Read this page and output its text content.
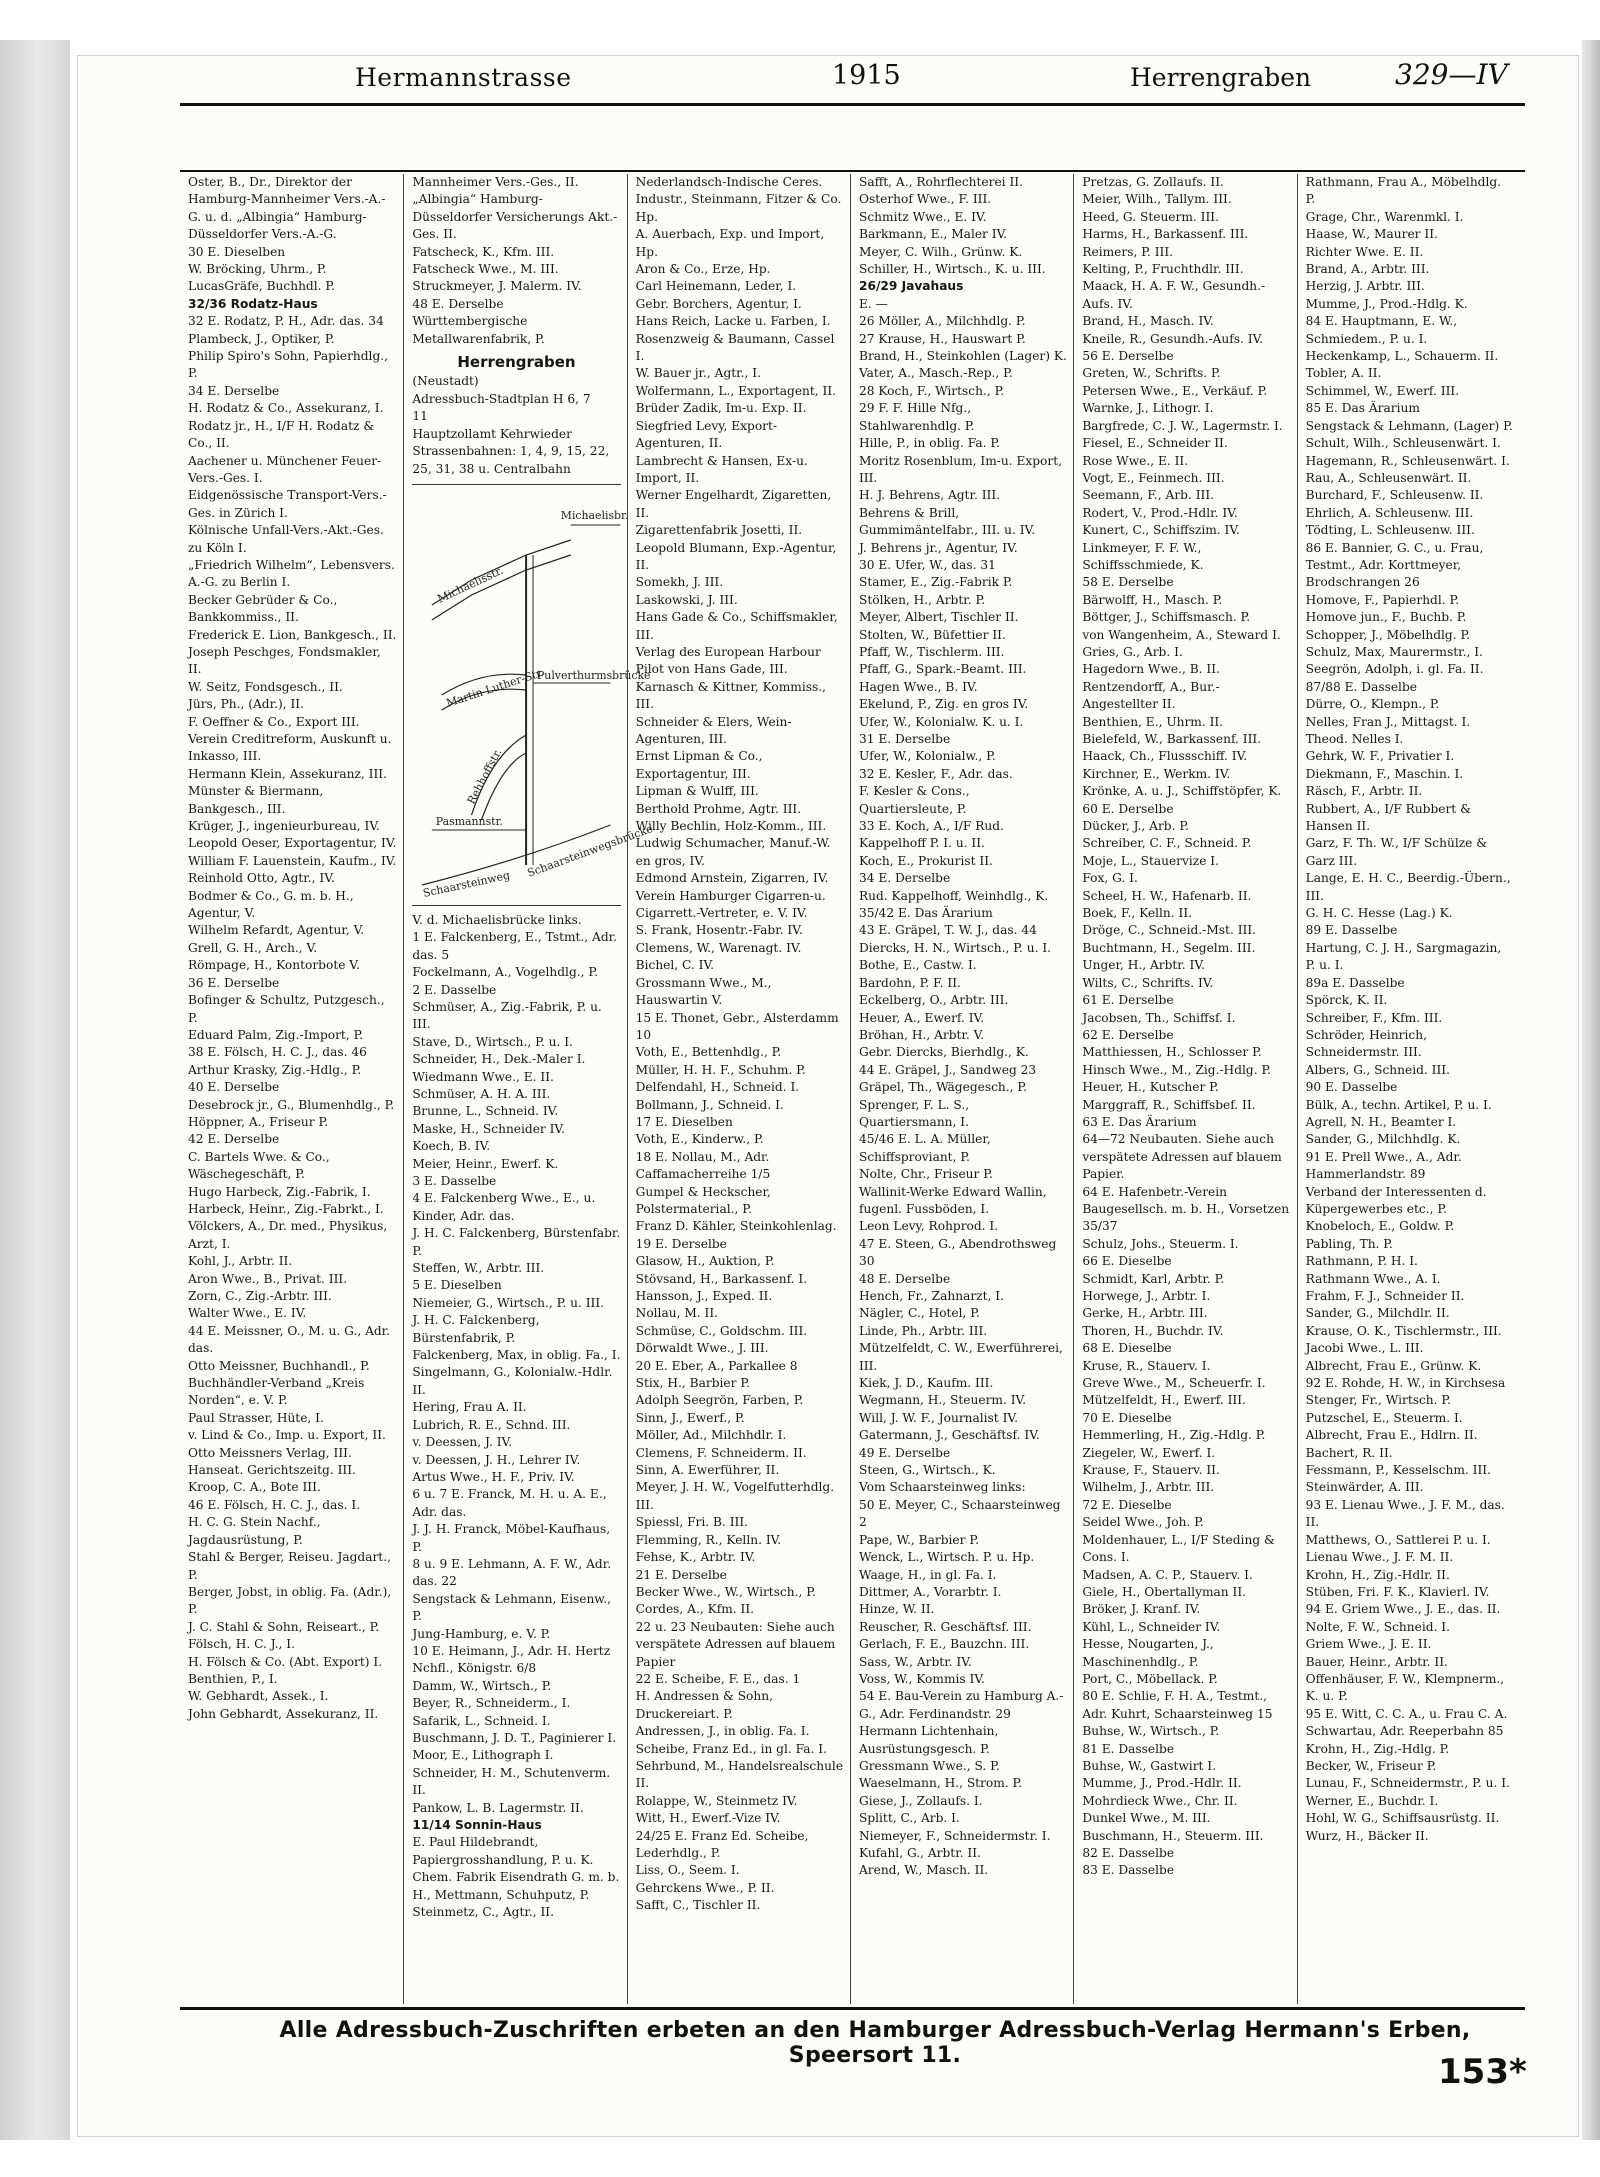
Hermannstrasse	1915	Herrengraben	329—IV
Oster, B., Dr., Direktor der Hamburg-Mannheimer Vers.-A.-G. u. d. „Albingia“ Hamburg-Düsseldorfer Vers.-A.-G.
30 E. Dieselben
W. Bröcking, Uhrm., P.
LucasGräfe, Buchhdl. P.
32/36 Rodatz-Haus
32 E. Rodatz, P. H., Adr. das. 34
Plambeck, J., Optiker, P.
Philip Spiro's Sohn, Papierhdlg., P.
34 E. Derselbe
H. Rodatz & Co., Assekuranz, I.
Rodatz jr., H., I/F H. Rodatz & Co., II.
Aachener u. Münchener Feuer-Vers.-Ges. I.
Eidgenössische Transport-Vers.-Ges. in Zürich I.
Kölnische Unfall-Vers.-Akt.-Ges. zu Köln I.
„Friedrich Wilhelm“, Lebensvers. A.-G. zu Berlin I.
Becker Gebrüder & Co., Bankkommiss., II.
Frederick E. Lion, Bankgesch., II.
Joseph Peschges, Fondsmakler, II.
W. Seitz, Fondsgesch., II.
Jürs, Ph., (Adr.), II.
F. Oeffner & Co., Export III.
Verein Creditreform, Auskunft u. Inkasso, III.
Hermann Klein, Assekuranz, III.
Münster & Biermann, Bankgesch., III.
Krüger, J., ingenieurbureau, IV.
Leopold Oeser, Exportagentur, IV.
William F. Lauenstein, Kaufm., IV.
Reinhold Otto, Agtr., IV.
Bodmer & Co., G. m. b. H., Agentur, V.
Wilhelm Refardt, Agentur, V.
Grell, G. H., Arch., V.
Römpage, H., Kontorbote V.
36 E. Derselbe
Bofinger & Schultz, Putzgesch., P.
Eduard Palm, Zig.-Import, P.
38 E. Fölsch, H. C. J., das. 46
Arthur Krasky, Zig.-Hdlg., P.
40 E. Derselbe
Desebrock jr., G., Blumenhdlg., P.
Höppner, A., Friseur P.
42 E. Derselbe
C. Bartels Wwe. & Co., Wäschegeschäft, P.
Hugo Harbeck, Zig.-Fabrik, I.
Harbeck, Heinr., Zig.-Fabrkt., I.
Völckers, A., Dr. med., Physikus, Arzt, I.
Kohl, J., Arbtr. II.
Aron Wwe., B., Privat. III.
Zorn, C., Zig.-Arbtr. III.
Walter Wwe., E. IV.
44 E. Meissner, O., M. u. G., Adr. das.
Otto Meissner, Buchhandl., P.
Buchhändler-Verband „Kreis Norden“, e. V. P.
Paul Strasser, Hüte, I.
v. Lind & Co., Imp. u. Export, II.
Otto Meissners Verlag, III.
Hanseat. Gerichtszeitg. III.
Kroop, C. A., Bote III.
46 E. Fölsch, H. C. J., das. I.
H. C. G. Stein Nachf., Jagdausrüstung, P.
Stahl & Berger, Reiseu. Jagdart., P.
Berger, Jobst, in oblig. Fa. (Adr.), P.
J. C. Stahl & Sohn, Reiseart., P.
Fölsch, H. C. J., I.
H. Fölsch & Co. (Abt. Export) I.
Benthien, P., I.
W. Gebhardt, Assek., I.
John Gebhardt, Assekuranz, II.
Mannheimer Vers.-Ges., II.
„Albingia“ Hamburg-Düsseldorfer Versicherungs Akt.-Ges. II.
Fatscheck, K., Kfm. III.
Fatscheck Wwe., M. III.
Struckmeyer, J. Malerm. IV.
48 E. Derselbe
Württembergische Metallwarenfabrik, P.
Herrengraben
(Neustadt)
Adressbuch-Stadtplan H 6, 7
11
Hauptzollamt Kehrwieder
Strassenbahnen: 1, 4, 9, 15, 22, 25, 31, 38 u. Centralbahn
Michaelisbr.
Michaelisstr.
Martin Luther-Str.
Pulverthurmsbrücke
Rehhoffstr.
Pasmannstr.
Schaarsteinweg
Schaarsteinwegsbrücke
V. d. Michaelisbrücke links.
1 E. Falckenberg, E., Tstmt., Adr. das. 5
Fockelmann, A., Vogelhdlg., P.
2 E. Dasselbe
Schmüser, A., Zig.-Fabrik, P. u. III.
Stave, D., Wirtsch., P. u. I.
Schneider, H., Dek.-Maler I.
Wiedmann Wwe., E. II.
Schmüser, A. H. A. III.
Brunne, L., Schneid. IV.
Maske, H., Schneider IV.
Koech, B. IV.
Meier, Heinr., Ewerf. K.
3 E. Dasselbe
4 E. Falckenberg Wwe., E., u. Kinder, Adr. das.
J. H. C. Falckenberg, Bürstenfabr. P.
Steffen, W., Arbtr. III.
5 E. Dieselben
Niemeier, G., Wirtsch., P. u. III.
J. H. C. Falckenberg, Bürstenfabrik, P.
Falckenberg, Max, in oblig. Fa., I.
Singelmann, G., Kolonialw.-Hdlr. II.
Hering, Frau A. II.
Lubrich, R. E., Schnd. III.
v. Deessen, J. IV.
v. Deessen, J. H., Lehrer IV.
Artus Wwe., H. F., Priv. IV.
6 u. 7 E. Franck, M. H. u. A. E., Adr. das.
J. J. H. Franck, Möbel-Kaufhaus, P.
8 u. 9 E. Lehmann, A. F. W., Adr. das. 22
Sengstack & Lehmann, Eisenw., P.
Jung-Hamburg, e. V. P.
10 E. Heimann, J., Adr. H. Hertz Nchfl., Königstr. 6/8
Damm, W., Wirtsch., P.
Beyer, R., Schneiderm., I.
Safarik, L., Schneid. I.
Buschmann, J. D. T., Paginierer I.
Moor, E., Lithograph I.
Schneider, H. M., Schutenverm. II.
Pankow, L. B. Lagermstr. II.
11/14 Sonnin-Haus
E. Paul Hildebrandt, Papiergrosshandlung, P. u. K.
Chem. Fabrik Eisendrath G. m. b. H., Mettmann, Schuhputz, P.
Steinmetz, C., Agtr., II.
Nederlandsch-Indische Ceres. Industr., Steinmann, Fitzer & Co. Hp.
A. Auerbach, Exp. und Import, Hp.
Aron & Co., Erze, Hp.
Carl Heinemann, Leder, I.
Gebr. Borchers, Agentur, I.
Hans Reich, Lacke u. Farben, I.
Rosenzweig & Baumann, Cassel I.
W. Bauer jr., Agtr., I.
Wolfermann, L., Exportagent, II.
Brüder Zadik, Im-u. Exp. II.
Siegfried Levy, Export-Agenturen, II.
Lambrecht & Hansen, Ex-u. Import, II.
Werner Engelhardt, Zigaretten, II.
Zigarettenfabrik Josetti, II.
Leopold Blumann, Exp.-Agentur, II.
Somekh, J. III.
Laskowski, J. III.
Hans Gade & Co., Schiffsmakler, III.
Verlag des European Harbour Pilot von Hans Gade, III.
Karnasch & Kittner, Kommiss., III.
Schneider & Elers, Wein-Agenturen, III.
Ernst Lipman & Co., Exportagentur, III.
Lipman & Wulff, III.
Berthold Prohme, Agtr. III.
Willy Bechlin, Holz-Komm., III.
Ludwig Schumacher, Manuf.-W. en gros, IV.
Edmond Arnstein, Zigarren, IV.
Verein Hamburger Cigarren-u. Cigarrett.-Vertreter, e. V. IV.
S. Frank, Hosentr.-Fabr. IV.
Clemens, W., Warenagt. IV.
Bichel, C. IV.
Grossmann Wwe., M., Hauswartin V.
15 E. Thonet, Gebr., Alsterdamm 10
Voth, E., Bettenhdlg., P.
Müller, H. H. F., Schuhm. P.
Delfendahl, H., Schneid. I.
Bollmann, J., Schneid. I.
17 E. Dieselben
Voth, E., Kinderw., P.
18 E. Nollau, M., Adr. Caffamacherreihe 1/5
Gumpel & Heckscher, Polstermaterial., P.
Franz D. Kähler, Steinkohlenlag.
19 E. Derselbe
Glasow, H., Auktion, P.
Stövsand, H., Barkassenf. I.
Hansson, J., Exped. II.
Nollau, M. II.
Schmüse, C., Goldschm. III.
Dörwaldt Wwe., J. III.
20 E. Eber, A., Parkallee 8
Stix, H., Barbier P.
Adolph Seegrön, Farben, P.
Sinn, J., Ewerf., P.
Möller, Ad., Milchhdlr. I.
Clemens, F. Schneiderm. II.
Sinn, A. Ewerführer, II.
Meyer, J. H. W., Vogelfutterhdlg. III.
Spiessl, Fri. B. III.
Flemming, R., Kelln. IV.
Fehse, K., Arbtr. IV.
21 E. Derselbe
Becker Wwe., W., Wirtsch., P.
Cordes, A., Kfm. II.
22 u. 23 Neubauten: Siehe auch verspätete Adressen auf blauem Papier
22 E. Scheibe, F. E., das. 1
H. Andressen & Sohn, Druckereiart. P.
Andressen, J., in oblig. Fa. I.
Scheibe, Franz Ed., in gl. Fa. I.
Sehrbund, M., Handelsrealschule II.
Rolappe, W., Steinmetz IV.
Witt, H., Ewerf.-Vize IV.
24/25 E. Franz Ed. Scheibe, Lederhdlg., P.
Liss, O., Seem. I.
Gehrckens Wwe., P. II.
Safft, C., Tischler II.
Safft, A., Rohrflechterei II.
Osterhof Wwe., F. III.
Schmitz Wwe., E. IV.
Barkmann, E., Maler IV.
Meyer, C. Wilh., Grünw. K.
Schiller, H., Wirtsch., K. u. III.
26/29 Javahaus
E. —
26 Möller, A., Milchhdlg. P.
27 Krause, H., Hauswart P.
Brand, H., Steinkohlen (Lager) K.
Vater, A., Masch.-Rep., P.
28 Koch, F., Wirtsch., P.
29 F. F. Hille Nfg., Stahlwarenhdlg. P.
Hille, P., in oblig. Fa. P.
Moritz Rosenblum, Im-u. Export, III.
H. J. Behrens, Agtr. III.
Behrens & Brill, Gummimäntelfabr., III. u. IV.
J. Behrens jr., Agentur, IV.
30 E. Ufer, W., das. 31
Stamer, E., Zig.-Fabrik P.
Stölken, H., Arbtr. P.
Meyer, Albert, Tischler II.
Stolten, W., Büfettier II.
Pfaff, W., Tischlerm. III.
Pfaff, G., Spark.-Beamt. III.
Hagen Wwe., B. IV.
Ekelund, P., Zig. en gros IV.
Ufer, W., Kolonialw. K. u. I.
31 E. Derselbe
Ufer, W., Kolonialw., P.
32 E. Kesler, F., Adr. das.
F. Kesler & Cons., Quartiersleute, P.
33 E. Koch, A., I/F Rud. Kappelhoff P. I. u. II.
Koch, E., Prokurist II.
34 E. Derselbe
Rud. Kappelhoff, Weinhdlg., K.
35/42 E. Das Ärarium
43 E. Gräpel, T. W. J., das. 44
Diercks, H. N., Wirtsch., P. u. I.
Bothe, E., Castw. I.
Bardohn, P. F. II.
Eckelberg, O., Arbtr. III.
Heuer, A., Ewerf. IV.
Bröhan, H., Arbtr. V.
Gebr. Diercks, Bierhdlg., K.
44 E. Gräpel, J., Sandweg 23
Gräpel, Th., Wägegesch., P.
Sprenger, F. L. S., Quartiersmann, I.
45/46 E. L. A. Müller, Schiffsproviant, P.
Nolte, Chr., Friseur P.
Wallinit-Werke Edward Wallin, fugenl. Fussböden, I.
Leon Levy, Rohprod. I.
47 E. Steen, G., Abendrothsweg 30
48 E. Derselbe
Hench, Fr., Zahnarzt, I.
Nägler, C., Hotel, P.
Linde, Ph., Arbtr. III.
Mützelfeldt, C. W., Ewerführerei, III.
Kiek, J. D., Kaufm. III.
Wegmann, H., Steuerm. IV.
Will, J. W. F., Journalist IV.
Gatermann, J., Geschäftsf. IV.
49 E. Derselbe
Steen, G., Wirtsch., K.
Vom Schaarsteinweg links:
50 E. Meyer, C., Schaarsteinweg 2
Pape, W., Barbier P.
Wenck, L., Wirtsch. P. u. Hp.
Waage, H., in gl. Fa. I.
Dittmer, A., Vorarbtr. I.
Hinze, W. II.
Reuscher, R. Geschäftsf. III.
Gerlach, F. E., Bauzchn. III.
Sass, W., Arbtr. IV.
Voss, W., Kommis IV.
54 E. Bau-Verein zu Hamburg A.-G., Adr. Ferdinandstr. 29
Hermann Lichtenhain, Ausrüstungsgesch. P.
Gressmann Wwe., S. P.
Waeselmann, H., Strom. P.
Giese, J., Zollaufs. I.
Splitt, C., Arb. I.
Niemeyer, F., Schneidermstr. I.
Kufahl, G., Arbtr. II.
Arend, W., Masch. II.
Pretzas, G. Zollaufs. II.
Meier, Wilh., Tallym. III.
Heed, G. Steuerm. III.
Harms, H., Barkassenf. III.
Reimers, P. III.
Kelting, P., Fruchthdlr. III.
Maack, H. A. F. W., Gesundh.-Aufs. IV.
Brand, H., Masch. IV.
Kneile, R., Gesundh.-Aufs. IV.
56 E. Derselbe
Greten, W., Schrifts. P.
Petersen Wwe., E., Verkäuf. P.
Warnke, J., Lithogr. I.
Bargfrede, C. J. W., Lagermstr. I.
Fiesel, E., Schneider II.
Rose Wwe., E. II.
Vogt, E., Feinmech. III.
Seemann, F., Arb. III.
Rodert, V., Prod.-Hdlr. IV.
Kunert, C., Schiffszim. IV.
Linkmeyer, F. F. W., Schiffsschmiede, K.
58 E. Derselbe
Bärwolff, H., Masch. P.
Böttger, J., Schiffsmasch. P.
von Wangenheim, A., Steward I.
Gries, G., Arb. I.
Hagedorn Wwe., B. II.
Rentzendorff, A., Bur.-Angestellter II.
Benthien, E., Uhrm. II.
Bielefeld, W., Barkassenf. III.
Haack, Ch., Flussschiff. IV.
Kirchner, E., Werkm. IV.
Krönke, A. u. J., Schiffstöpfer, K.
60 E. Derselbe
Dücker, J., Arb. P.
Schreiber, C. F., Schneid. P.
Moje, L., Stauervize I.
Fox, G. I.
Scheel, H. W., Hafenarb. II.
Boek, F., Kelln. II.
Dröge, C., Schneid.-Mst. III.
Buchtmann, H., Segelm. III.
Unger, H., Arbtr. IV.
Wilts, C., Schrifts. IV.
61 E. Derselbe
Jacobsen, Th., Schiffsf. I.
62 E. Derselbe
Matthiessen, H., Schlosser P.
Hinsch Wwe., M., Zig.-Hdlg. P.
Heuer, H., Kutscher P.
Marggraff, R., Schiffsbef. II.
63 E. Das Ärarium
64—72 Neubauten. Siehe auch verspätete Adressen auf blauem Papier.
64 E. Hafenbetr.-Verein Baugesellsch. m. b. H., Vorsetzen 35/37
Schulz, Johs., Steuerm. I.
66 E. Dieselbe
Schmidt, Karl, Arbtr. P.
Horwege, J., Arbtr. I.
Gerke, H., Arbtr. III.
Thoren, H., Buchdr. IV.
68 E. Dieselbe
Kruse, R., Stauerv. I.
Greve Wwe., M., Scheuerfr. I.
Mützelfeldt, H., Ewerf. III.
70 E. Dieselbe
Hemmerling, H., Zig.-Hdlg. P.
Ziegeler, W., Ewerf. I.
Krause, F., Stauerv. II.
Wilhelm, J., Arbtr. III.
72 E. Dieselbe
Seidel Wwe., Joh. P.
Moldenhauer, L., I/F Steding & Cons. I.
Madsen, A. C. P., Stauerv. I.
Giele, H., Obertallyman II.
Bröker, J. Kranf. IV.
Kühl, L., Schneider IV.
Hesse, Nougarten, J., Maschinenhdlg., P.
Port, C., Möbellack. P.
80 E. Schlie, F. H. A., Testmt., Adr. Kuhrt, Schaarsteinweg 15
Buhse, W., Wirtsch., P.
81 E. Dasselbe
Buhse, W., Gastwirt I.
Mumme, J., Prod.-Hdlr. II.
Mohrdieck Wwe., Chr. II.
Dunkel Wwe., M. III.
Buschmann, H., Steuerm. III.
82 E. Dasselbe
83 E. Dasselbe
Rathmann, Frau A., Möbelhdlg. P.
Grage, Chr., Warenmkl. I.
Haase, W., Maurer II.
Richter Wwe. E. II.
Brand, A., Arbtr. III.
Herzig, J. Arbtr. III.
Mumme, J., Prod.-Hdlg. K.
84 E. Hauptmann, E. W., Schmiedem., P. u. I.
Heckenkamp, L., Schauerm. II.
Tobler, A. II.
Schimmel, W., Ewerf. III.
85 E. Das Ärarium
Sengstack & Lehmann, (Lager) P.
Schult, Wilh., Schleusenwärt. I.
Hagemann, R., Schleusenwärt. I.
Rau, A., Schleusenwärt. II.
Burchard, F., Schleusenw. II.
Ehrlich, A. Schleusenw. III.
Tödting, L. Schleusenw. III.
86 E. Bannier, G. C., u. Frau, Testmt., Adr. Korttmeyer, Brodschrangen 26
Homove, F., Papierhdl. P.
Homove jun., F., Buchb. P.
Schopper, J., Möbelhdlg. P.
Schulz, Max, Maurermstr., I.
Seegrön, Adolph, i. gl. Fa. II.
87/88 E. Dasselbe
Dürre, O., Klempn., P.
Nelles, Fran J., Mittagst. I.
Theod. Nelles I.
Gehrk, W. F., Privatier I.
Diekmann, F., Maschin. I.
Räsch, F., Arbtr. II.
Rubbert, A., I/F Rubbert & Hansen II.
Garz, F. Th. W., I/F Schülze & Garz III.
Lange, E. H. C., Beerdig.-Übern., III.
G. H. C. Hesse (Lag.) K.
89 E. Dasselbe
Hartung, C. J. H., Sargmagazin, P. u. I.
89a E. Dasselbe
Spörck, K. II.
Schreiber, F., Kfm. III.
Schröder, Heinrich, Schneidermstr. III.
Albers, G., Schneid. III.
90 E. Dasselbe
Bülk, A., techn. Artikel, P. u. I.
Agrell, N. H., Beamter I.
Sander, G., Milchhdlg. K.
91 E. Prell Wwe., A., Adr. Hammerlandstr. 89
Verband der Interessenten d. Küpergewerbes etc., P.
Knobeloch, E., Goldw. P.
Pabling, Th. P.
Rathmann, P. H. I.
Rathmann Wwe., A. I.
Frahm, F. J., Schneider II.
Sander, G., Milchdlr. II.
Krause, O. K., Tischlermstr., III.
Jacobi Wwe., L. III.
Albrecht, Frau E., Grünw. K.
92 E. Rohde, H. W., in Kirchsesa
Stenger, Fr., Wirtsch. P.
Putzschel, E., Steuerm. I.
Albrecht, Frau E., Hdlrn. II.
Bachert, R. II.
Fessmann, P., Kesselschm. III.
Steinwärder, A. III.
93 E. Lienau Wwe., J. F. M., das. II.
Matthews, O., Sattlerei P. u. I.
Lienau Wwe., J. F. M. II.
Krohn, H., Zig.-Hdlr. II.
Stüben, Fri. F. K., Klavierl. IV.
94 E. Griem Wwe., J. E., das. II.
Nolte, F. W., Schneid. I.
Griem Wwe., J. E. II.
Bauer, Heinr., Arbtr. II.
Offenhäuser, F. W., Klempnerm., K. u. P.
95 E. Witt, C. C. A., u. Frau C. A. Schwartau, Adr. Reeperbahn 85
Krohn, H., Zig.-Hdlg. P.
Becker, W., Friseur P.
Lunau, F., Schneidermstr., P. u. I.
Werner, E., Buchdr. I.
Hohl, W. G., Schiffsausrüstg. II.
Wurz, H., Bäcker II.
Alle Adressbuch-Zuschriften erbeten an den Hamburger Adressbuch-Verlag Hermann's Erben, Speersort 11.	153*
